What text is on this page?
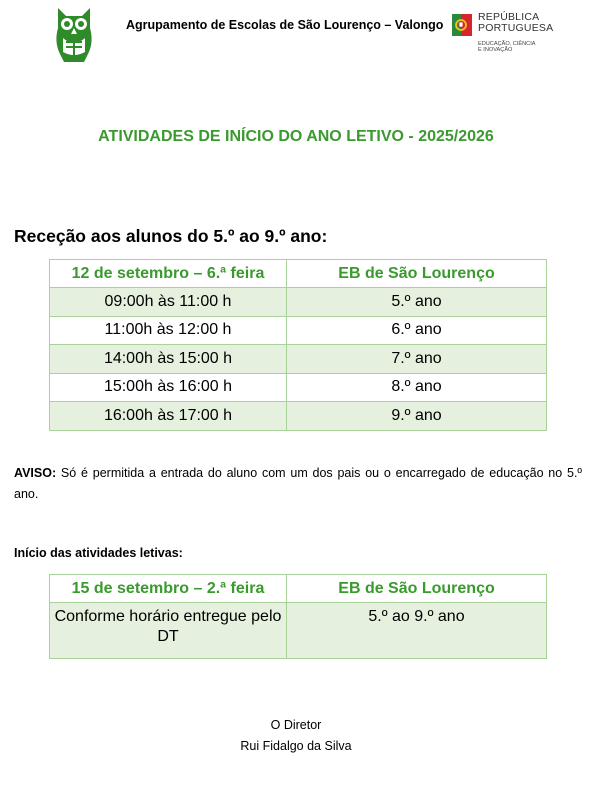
Agrupamento de Escolas de São Lourenço – Valongo
REPÚBLICA
PORTUGUESA
EDUCAÇÃO, CIÊNCIA
E INOVAÇÃO
ATIVIDADES DE INÍCIO DO ANO LETIVO - 2025/2026
Receção aos alunos do 5.º ao 9.º ano:
12 de setembro – 6.ª feira	EB de São Lourenço
09:00h às 11:00 h	5.º ano
11:00h às 12:00 h	6.º ano
14:00h às 15:00 h	7.º ano
15:00h às 16:00 h	8.º ano
16:00h às 17:00 h	9.º ano
AVISO: Só é permitida a entrada do aluno com um dos pais ou o encarregado de educação no 5.º ano.
Início das atividades letivas:
15 de setembro – 2.ª feira	EB de São Lourenço
Conforme horário entregue pelo DT	5.º ao 9.º ano
O Diretor
Rui Fidalgo da Silva
